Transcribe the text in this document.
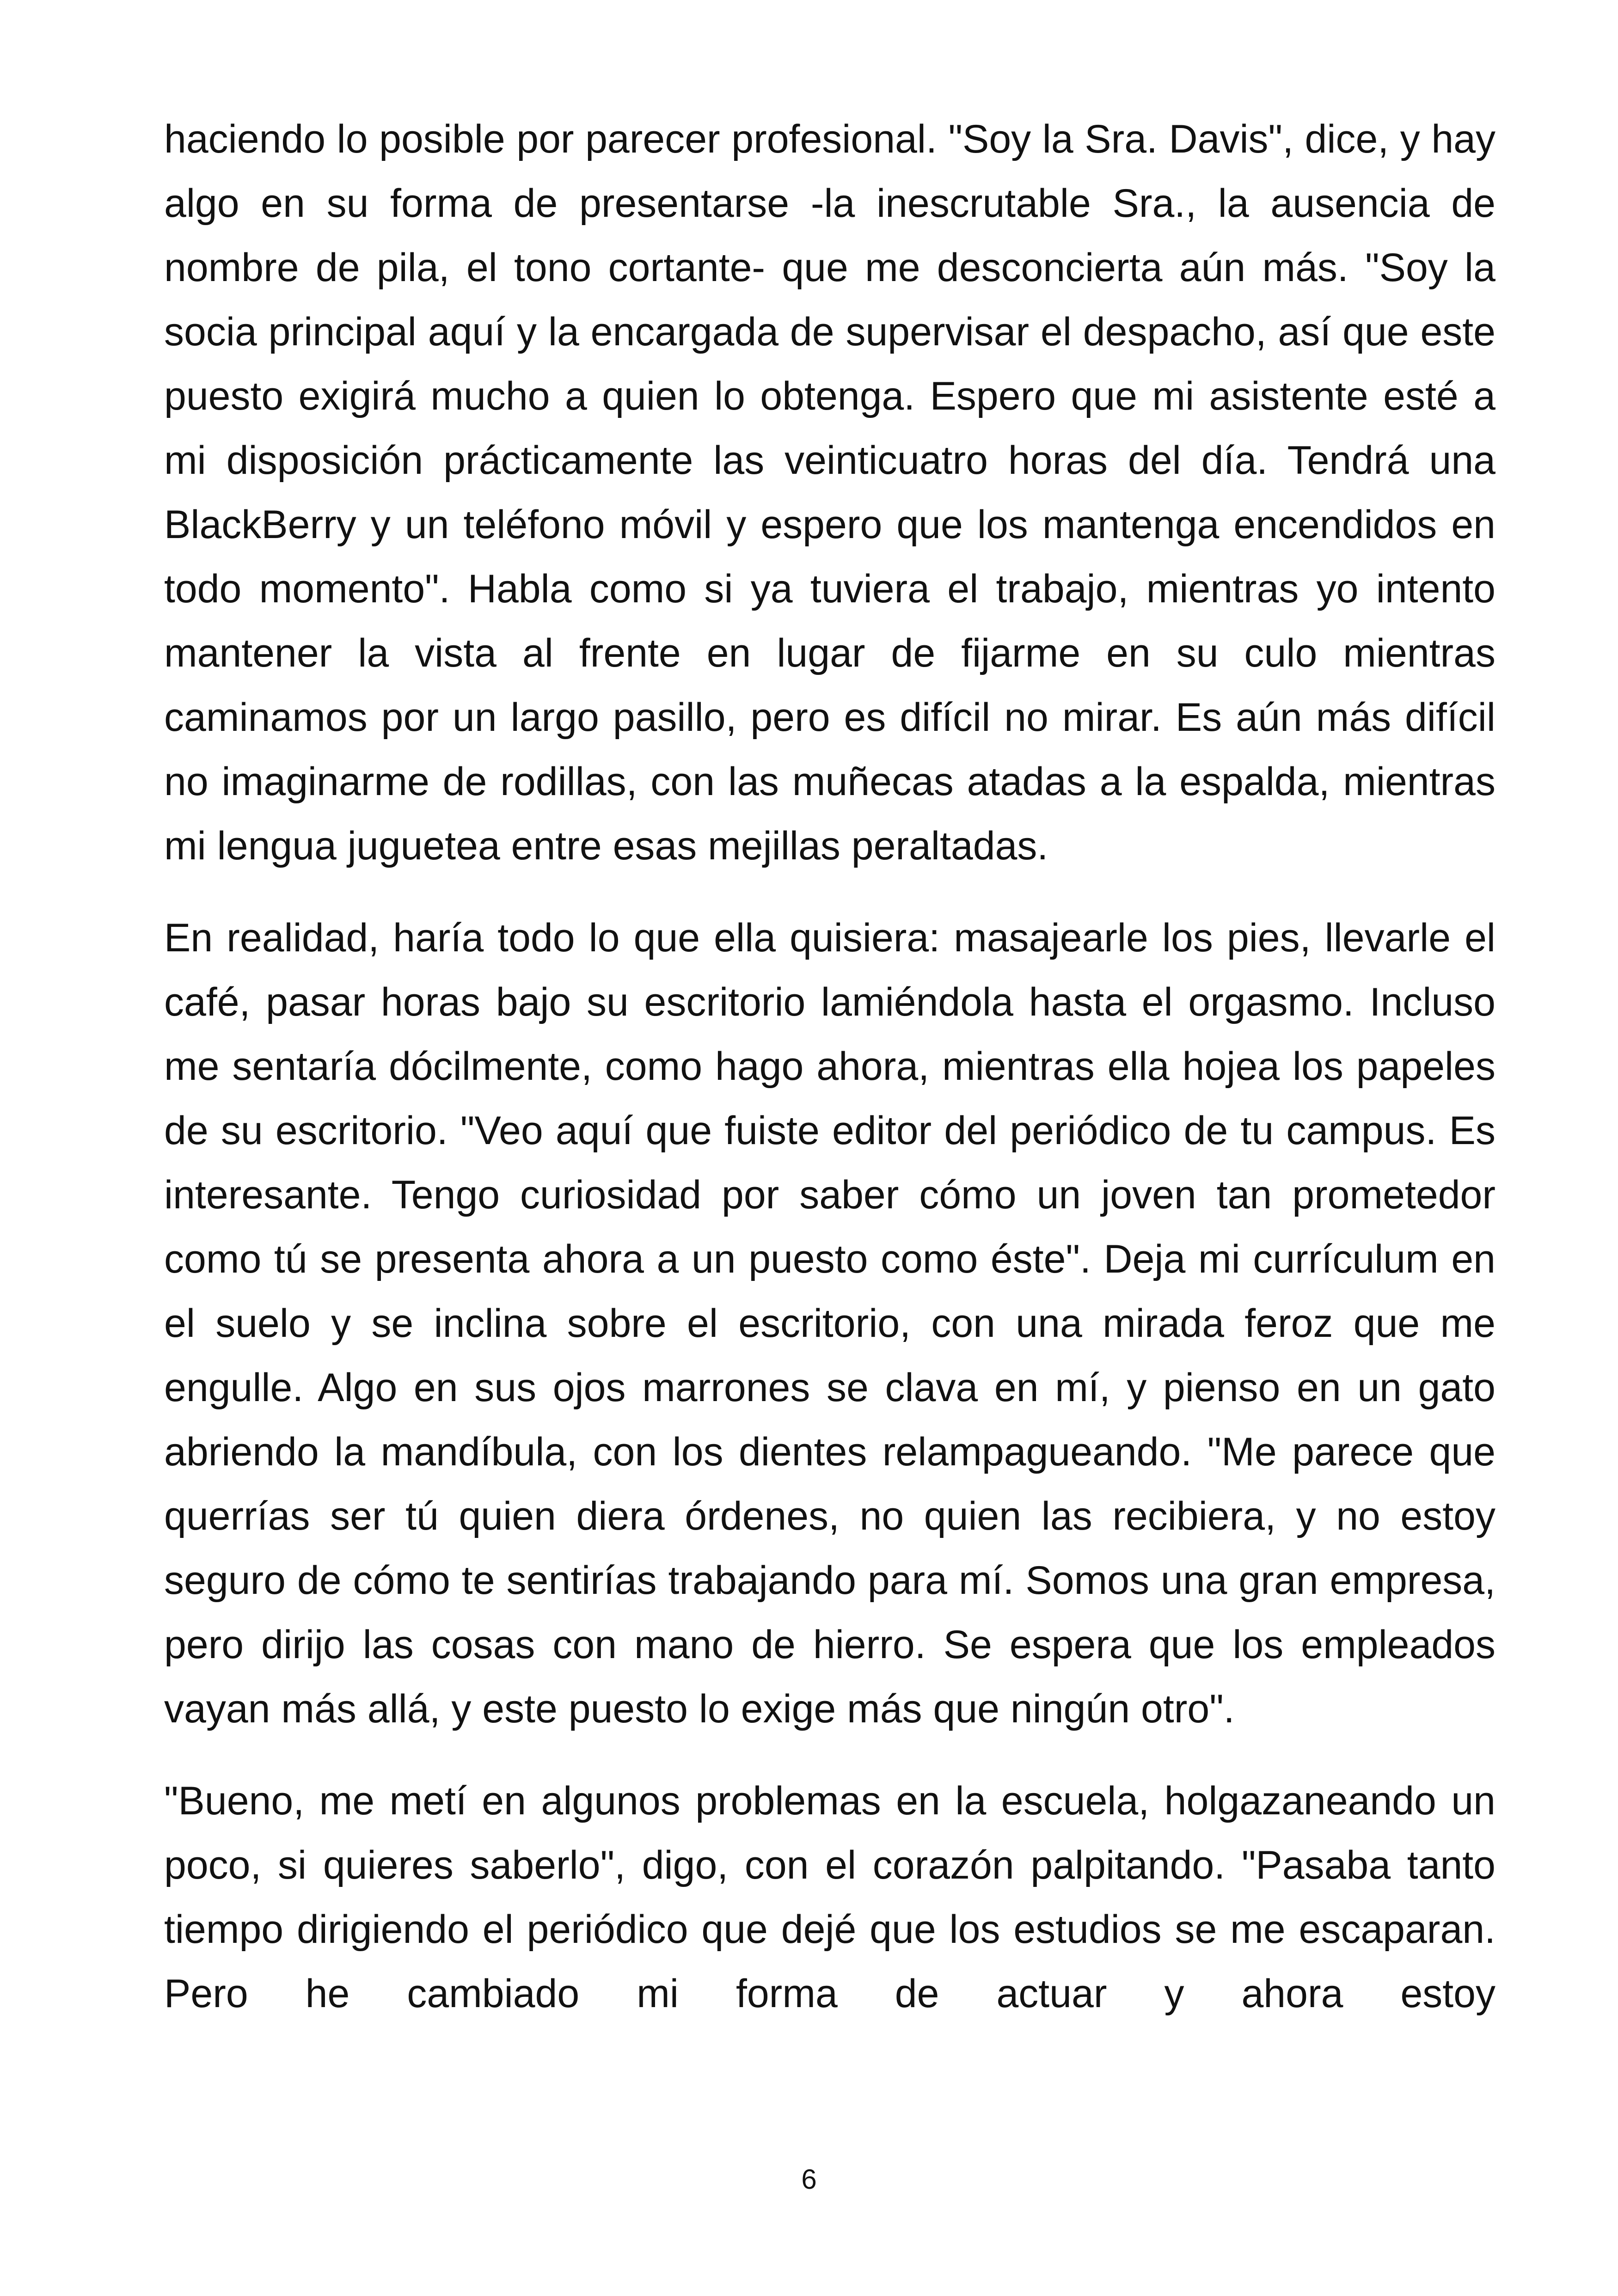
haciendo lo posible por parecer profesional. "Soy la Sra. Davis", dice, y hay algo en su forma de presentarse -la inescrutable Sra., la ausencia de nombre de pila, el tono cortante- que me desconcierta aún más. "Soy la socia principal aquí y la encargada de supervisar el despacho, así que este puesto exigirá mucho a quien lo obtenga. Espero que mi asistente esté a mi disposición prácticamente las veinticuatro horas del día. Tendrá una BlackBerry y un teléfono móvil y espero que los mantenga encendidos en todo momento". Habla como si ya tuviera el trabajo, mientras yo intento mantener la vista al frente en lugar de fijarme en su culo mientras caminamos por un largo pasillo, pero es difícil no mirar. Es aún más difícil no imaginarme de rodillas, con las muñecas atadas a la espalda, mientras mi lengua juguetea entre esas mejillas peraltadas.

En realidad, haría todo lo que ella quisiera: masajearle los pies, llevarle el café, pasar horas bajo su escritorio lamiéndola hasta el orgasmo. Incluso me sentaría dócilmente, como hago ahora, mientras ella hojea los papeles de su escritorio. "Veo aquí que fuiste editor del periódico de tu campus. Es interesante. Tengo curiosidad por saber cómo un joven tan prometedor como tú se presenta ahora a un puesto como éste". Deja mi currículum en el suelo y se inclina sobre el escritorio, con una mirada feroz que me engulle. Algo en sus ojos marrones se clava en mí, y pienso en un gato abriendo la mandíbula, con los dientes relampagueando. "Me parece que querrías ser tú quien diera órdenes, no quien las recibiera, y no estoy seguro de cómo te sentirías trabajando para mí. Somos una gran empresa, pero dirijo las cosas con mano de hierro. Se espera que los empleados vayan más allá, y este puesto lo exige más que ningún otro".

"Bueno, me metí en algunos problemas en la escuela, holgazaneando un poco, si quieres saberlo", digo, con el corazón palpitando. "Pasaba tanto tiempo dirigiendo el periódico que dejé que los estudios se me escaparan. Pero he cambiado mi forma de actuar y ahora estoy

6
